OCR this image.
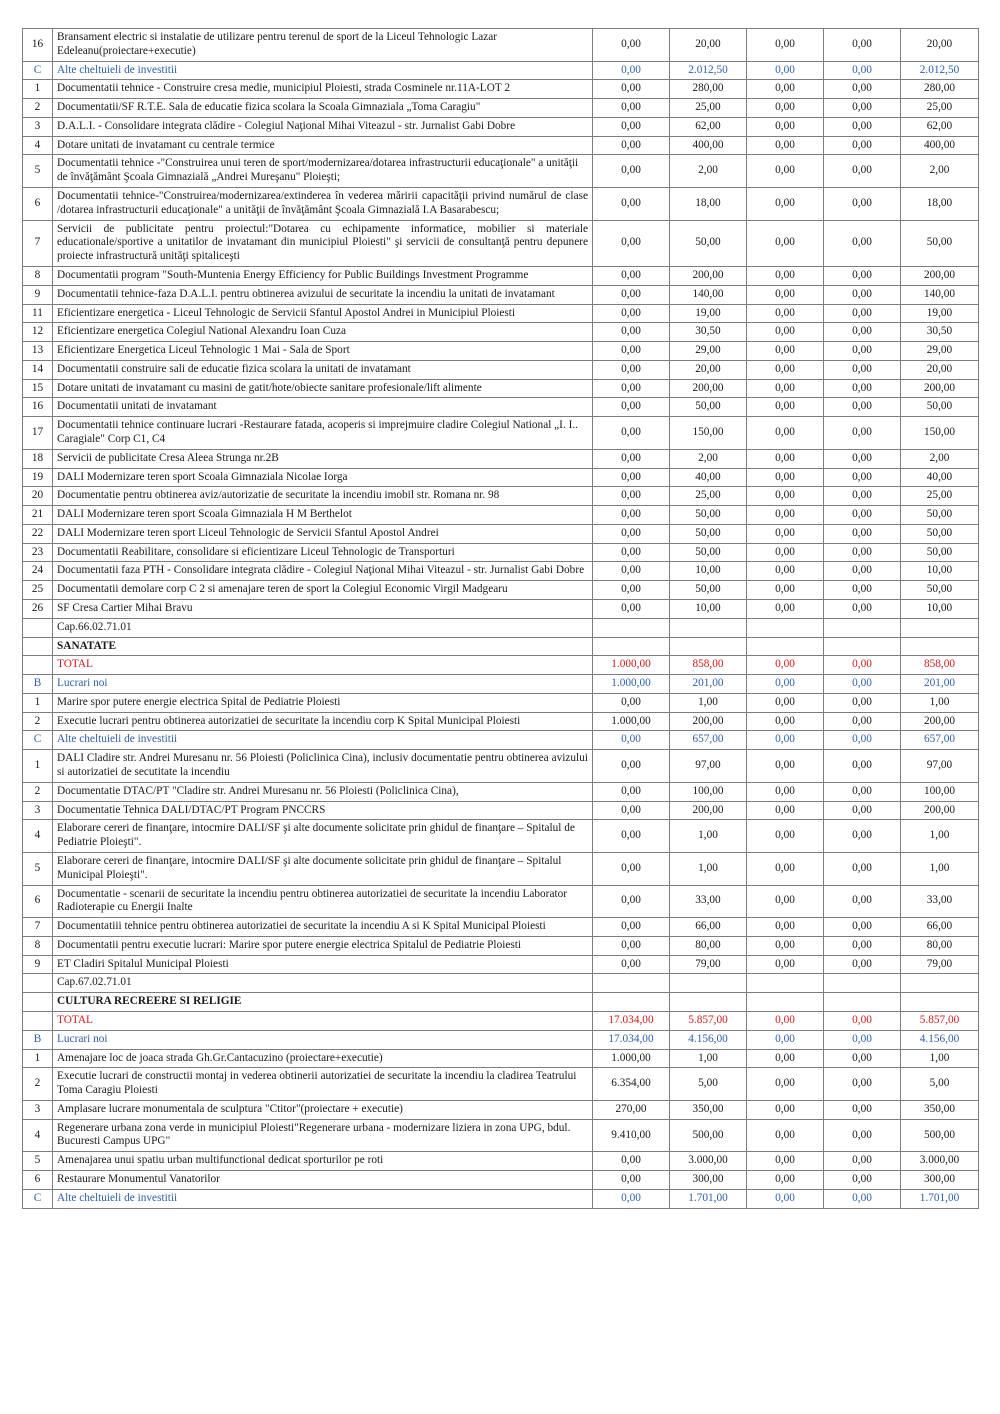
16	Bransament electric si instalatie de utilizare pentru terenul de sport de la Liceul Tehnologic Lazar Edeleanu(proiectare+executie)	0,00	20,00	0,00	0,00	20,00
C	Alte cheltuieli de investitii	0,00	2.012,50	0,00	0,00	2.012,50
1	Documentatii tehnice - Construire cresa medie, municipiul Ploiesti, strada Cosminele nr.11A-LOT 2	0,00	280,00	0,00	0,00	280,00
2	Documentatii/SF R.T.E. Sala de educatie fizica scolara la Scoala Gimnaziala „Toma Caragiu"	0,00	25,00	0,00	0,00	25,00
3	D.A.L.I. - Consolidare integrata clădire - Colegiul Naţional Mihai Viteazul - str. Jurnalist Gabi Dobre	0,00	62,00	0,00	0,00	62,00
4	Dotare unitati de invatamant cu centrale termice	0,00	400,00	0,00	0,00	400,00
5	Documentatii tehnice -"Construirea unui teren de sport/modernizarea/dotarea infrastructurii educaţionale" a unităţii de învăţământ Şcoala Gimnazială „Andrei Mureşanu" Ploieşti;	0,00	2,00	0,00	0,00	2,00
6	Documentatii tehnice-"Construirea/modernizarea/extinderea în vederea măririi capacităţii privind numărul de clase /dotarea infrastructurii educaţionale" a unităţii de învăţământ Şcoala Gimnazială I.A Basarabescu;	0,00	18,00	0,00	0,00	18,00
7	Servicii de publicitate pentru proiectul:"Dotarea cu echipamente informatice, mobilier si materiale educationale/sportive a unitatilor de invatamant din municipiul Ploiesti" şi servicii de consultanţă pentru depunere proiecte infrastructură unităţi spitaliceşti	0,00	50,00	0,00	0,00	50,00
8	Documentatii program "South-Muntenia Energy Efficiency for Public Buildings Investment Programme	0,00	200,00	0,00	0,00	200,00
9	Documentatii tehnice-faza D.A.L.I. pentru obtinerea avizului de securitate la incendiu la unitati de invatamant	0,00	140,00	0,00	0,00	140,00
11	Eficientizare energetica - Liceul Tehnologic de Servicii Sfantul Apostol Andrei in Municipiul Ploiesti	0,00	19,00	0,00	0,00	19,00
12	Eficientizare energetica Colegiul National Alexandru Ioan Cuza	0,00	30,50	0,00	0,00	30,50
13	Eficientizare Energetica Liceul Tehnologic 1 Mai - Sala de Sport	0,00	29,00	0,00	0,00	29,00
14	Documentatii construire sali de educatie fizica scolara la unitati de invatamant	0,00	20,00	0,00	0,00	20,00
15	Dotare unitati de invatamant cu masini de gatit/hote/obiecte sanitare profesionale/lift alimente	0,00	200,00	0,00	0,00	200,00
16	Documentatii unitati de invatamant	0,00	50,00	0,00	0,00	50,00
17	Documentatii tehnice continuare lucrari -Restaurare fatada, acoperis si imprejmuire cladire Colegiul National „I. I.. Caragiale" Corp C1, C4	0,00	150,00	0,00	0,00	150,00
18	Servicii de publicitate Cresa Aleea Strunga nr.2B	0,00	2,00	0,00	0,00	2,00
19	DALI Modernizare teren sport Scoala Gimnaziala Nicolae Iorga	0,00	40,00	0,00	0,00	40,00
20	Documentatie pentru obtinerea aviz/autorizatie de securitate la incendiu imobil str. Romana nr. 98	0,00	25,00	0,00	0,00	25,00
21	DALI Modernizare teren sport Scoala Gimnaziala H M Berthelot	0,00	50,00	0,00	0,00	50,00
22	DALI Modernizare teren sport Liceul Tehnologic de Servicii Sfantul Apostol Andrei	0,00	50,00	0,00	0,00	50,00
23	Documentatii Reabilitare, consolidare si eficientizare Liceul Tehnologic de Transporturi	0,00	50,00	0,00	0,00	50,00
24	Documentatii faza PTH - Consolidare integrata clădire - Colegiul Naţional Mihai Viteazul - str. Jurnalist Gabi Dobre	0,00	10,00	0,00	0,00	10,00
25	Documentatii demolare corp C 2 si amenajare teren de sport la Colegiul Economic Virgil Madgearu	0,00	50,00	0,00	0,00	50,00
26	SF Cresa Cartier Mihai Bravu	0,00	10,00	0,00	0,00	10,00
	Cap.66.02.71.01					
	SANATATE					
	TOTAL	1.000,00	858,00	0,00	0,00	858,00
B	Lucrari noi	1.000,00	201,00	0,00	0,00	201,00
1	Marire spor putere energie electrica Spital de Pediatrie Ploiesti	0,00	1,00	0,00	0,00	1,00
2	Executie lucrari pentru obtinerea autorizatiei de securitate la incendiu corp K Spital Municipal Ploiesti	1.000,00	200,00	0,00	0,00	200,00
C	Alte cheltuieli de investitii	0,00	657,00	0,00	0,00	657,00
1	DALI Cladire str. Andrei Muresanu nr. 56 Ploiesti (Policlinica Cina), inclusiv documentatie pentru obtinerea avizului si autorizatiei de secutitate la incendiu	0,00	97,00	0,00	0,00	97,00
2	Documentatie DTAC/PT "Cladire str. Andrei Muresanu nr. 56 Ploiesti (Policlinica Cina),	0,00	100,00	0,00	0,00	100,00
3	Documentatie Tehnica DALI/DTAC/PT Program PNCCRS	0,00	200,00	0,00	0,00	200,00
4	Elaborare cereri de finanţare, intocmire DALI/SF şi alte documente solicitate prin ghidul de finanţare – Spitalul de Pediatrie Ploieşti".	0,00	1,00	0,00	0,00	1,00
5	Elaborare cereri de finanţare, intocmire DALI/SF şi alte documente solicitate prin ghidul de finanţare – Spitalul Municipal Ploieşti".	0,00	1,00	0,00	0,00	1,00
6	Documentatie - scenarii de securitate la incendiu pentru obtinerea autorizatiei de securitate la incendiu Laborator Radioterapie cu Energii Inalte	0,00	33,00	0,00	0,00	33,00
7	Documentatiii tehnice pentru obtinerea autorizatiei de securitate la incendiu A si K Spital Municipal Ploiesti	0,00	66,00	0,00	0,00	66,00
8	Documentatii pentru executie lucrari: Marire spor putere energie electrica Spitalul de Pediatrie Ploiesti	0,00	80,00	0,00	0,00	80,00
9	ET Cladiri Spitalul Municipal Ploiesti	0,00	79,00	0,00	0,00	79,00
	Cap.67.02.71.01					
	CULTURA RECREERE SI RELIGIE					
	TOTAL	17.034,00	5.857,00	0,00	0,00	5.857,00
B	Lucrari noi	17.034,00	4.156,00	0,00	0,00	4.156,00
1	Amenajare loc de joaca strada Gh.Gr.Cantacuzino (proiectare+executie)	1.000,00	1,00	0,00	0,00	1,00
2	Executie lucrari de constructii montaj in vederea obtinerii autorizatiei de securitate la incendiu la cladirea Teatrului Toma Caragiu Ploiesti	6.354,00	5,00	0,00	0,00	5,00
3	Amplasare lucrare monumentala de sculptura "Ctitor"(proiectare + executie)	270,00	350,00	0,00	0,00	350,00
4	Regenerare urbana zona verde in municipiul Ploiesti"Regenerare urbana - modernizare liziera in zona UPG, bdul. Bucuresti Campus UPG"	9.410,00	500,00	0,00	0,00	500,00
5	Amenajarea unui spatiu urban multifunctional dedicat sporturilor pe roti	0,00	3.000,00	0,00	0,00	3.000,00
6	Restaurare Monumentul Vanatorilor	0,00	300,00	0,00	0,00	300,00
C	Alte cheltuieli de investitii	0,00	1.701,00	0,00	0,00	1.701,00
